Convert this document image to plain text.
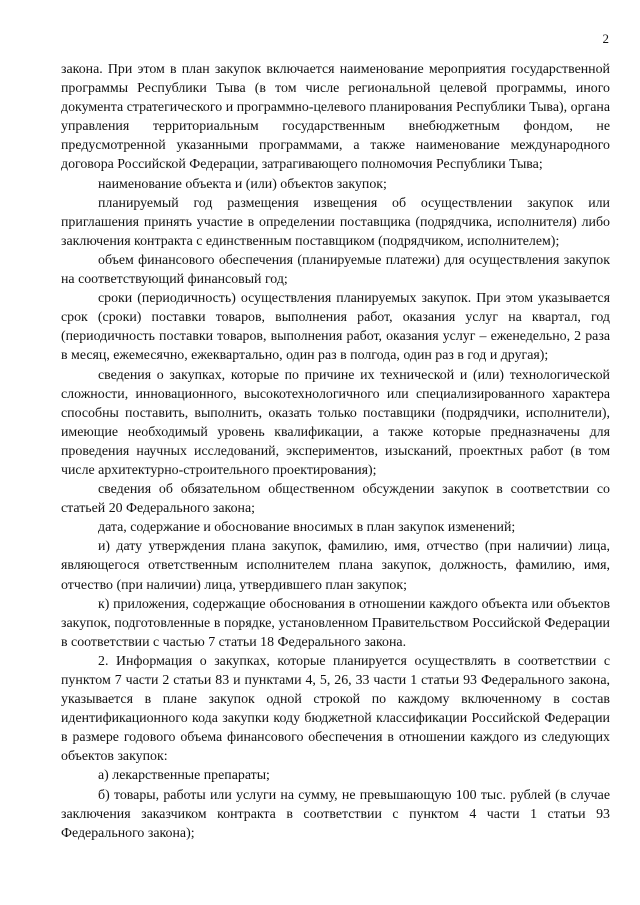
2

закона. При этом в план закупок включается наименование мероприятия государственной программы Республики Тыва (в том числе региональной целевой программы, иного документа стратегического и программно-целевого планирования Республики Тыва), органа управления территориальным государственным внебюджетным фондом, не предусмотренной указанными программами, а также наименование международного договора Российской Федерации, затрагивающего полномочия Республики Тыва;

наименование объекта и (или) объектов закупок;

планируемый год размещения извещения об осуществлении закупок или приглашения принять участие в определении поставщика (подрядчика, исполнителя) либо заключения контракта с единственным поставщиком (подрядчиком, исполнителем);

объем финансового обеспечения (планируемые платежи) для осуществления закупок на соответствующий финансовый год;

сроки (периодичность) осуществления планируемых закупок. При этом указывается срок (сроки) поставки товаров, выполнения работ, оказания услуг на квартал, год (периодичность поставки товаров, выполнения работ, оказания услуг – еженедельно, 2 раза в месяц, ежемесячно, ежеквартально, один раз в полгода, один раз в год и другая);

сведения о закупках, которые по причине их технической и (или) технологической сложности, инновационного, высокотехнологичного или специализированного характера способны поставить, выполнить, оказать только поставщики (подрядчики, исполнители), имеющие необходимый уровень квалификации, а также которые предназначены для проведения научных исследований, экспериментов, изысканий, проектных работ (в том числе архитектурно-строительного проектирования);

сведения об обязательном общественном обсуждении закупок в соответствии со статьей 20 Федерального закона;

дата, содержание и обоснование вносимых в план закупок изменений;

и) дату утверждения плана закупок, фамилию, имя, отчество (при наличии) лица, являющегося ответственным исполнителем плана закупок, должность, фамилию, имя, отчество (при наличии) лица, утвердившего план закупок;

к) приложения, содержащие обоснования в отношении каждого объекта или объектов закупок, подготовленные в порядке, установленном Правительством Российской Федерации в соответствии с частью 7 статьи 18 Федерального закона.

2. Информация о закупках, которые планируется осуществлять в соответствии с пунктом 7 части 2 статьи 83 и пунктами 4, 5, 26, 33 части 1 статьи 93 Федерального закона, указывается в плане закупок одной строкой по каждому включенному в состав идентификационного кода закупки коду бюджетной классификации Российской Федерации в размере годового объема финансового обеспечения в отношении каждого из следующих объектов закупок:

а) лекарственные препараты;

б) товары, работы или услуги на сумму, не превышающую 100 тыс. рублей (в случае заключения заказчиком контракта в соответствии с пунктом 4 части 1 статьи 93 Федерального закона);
